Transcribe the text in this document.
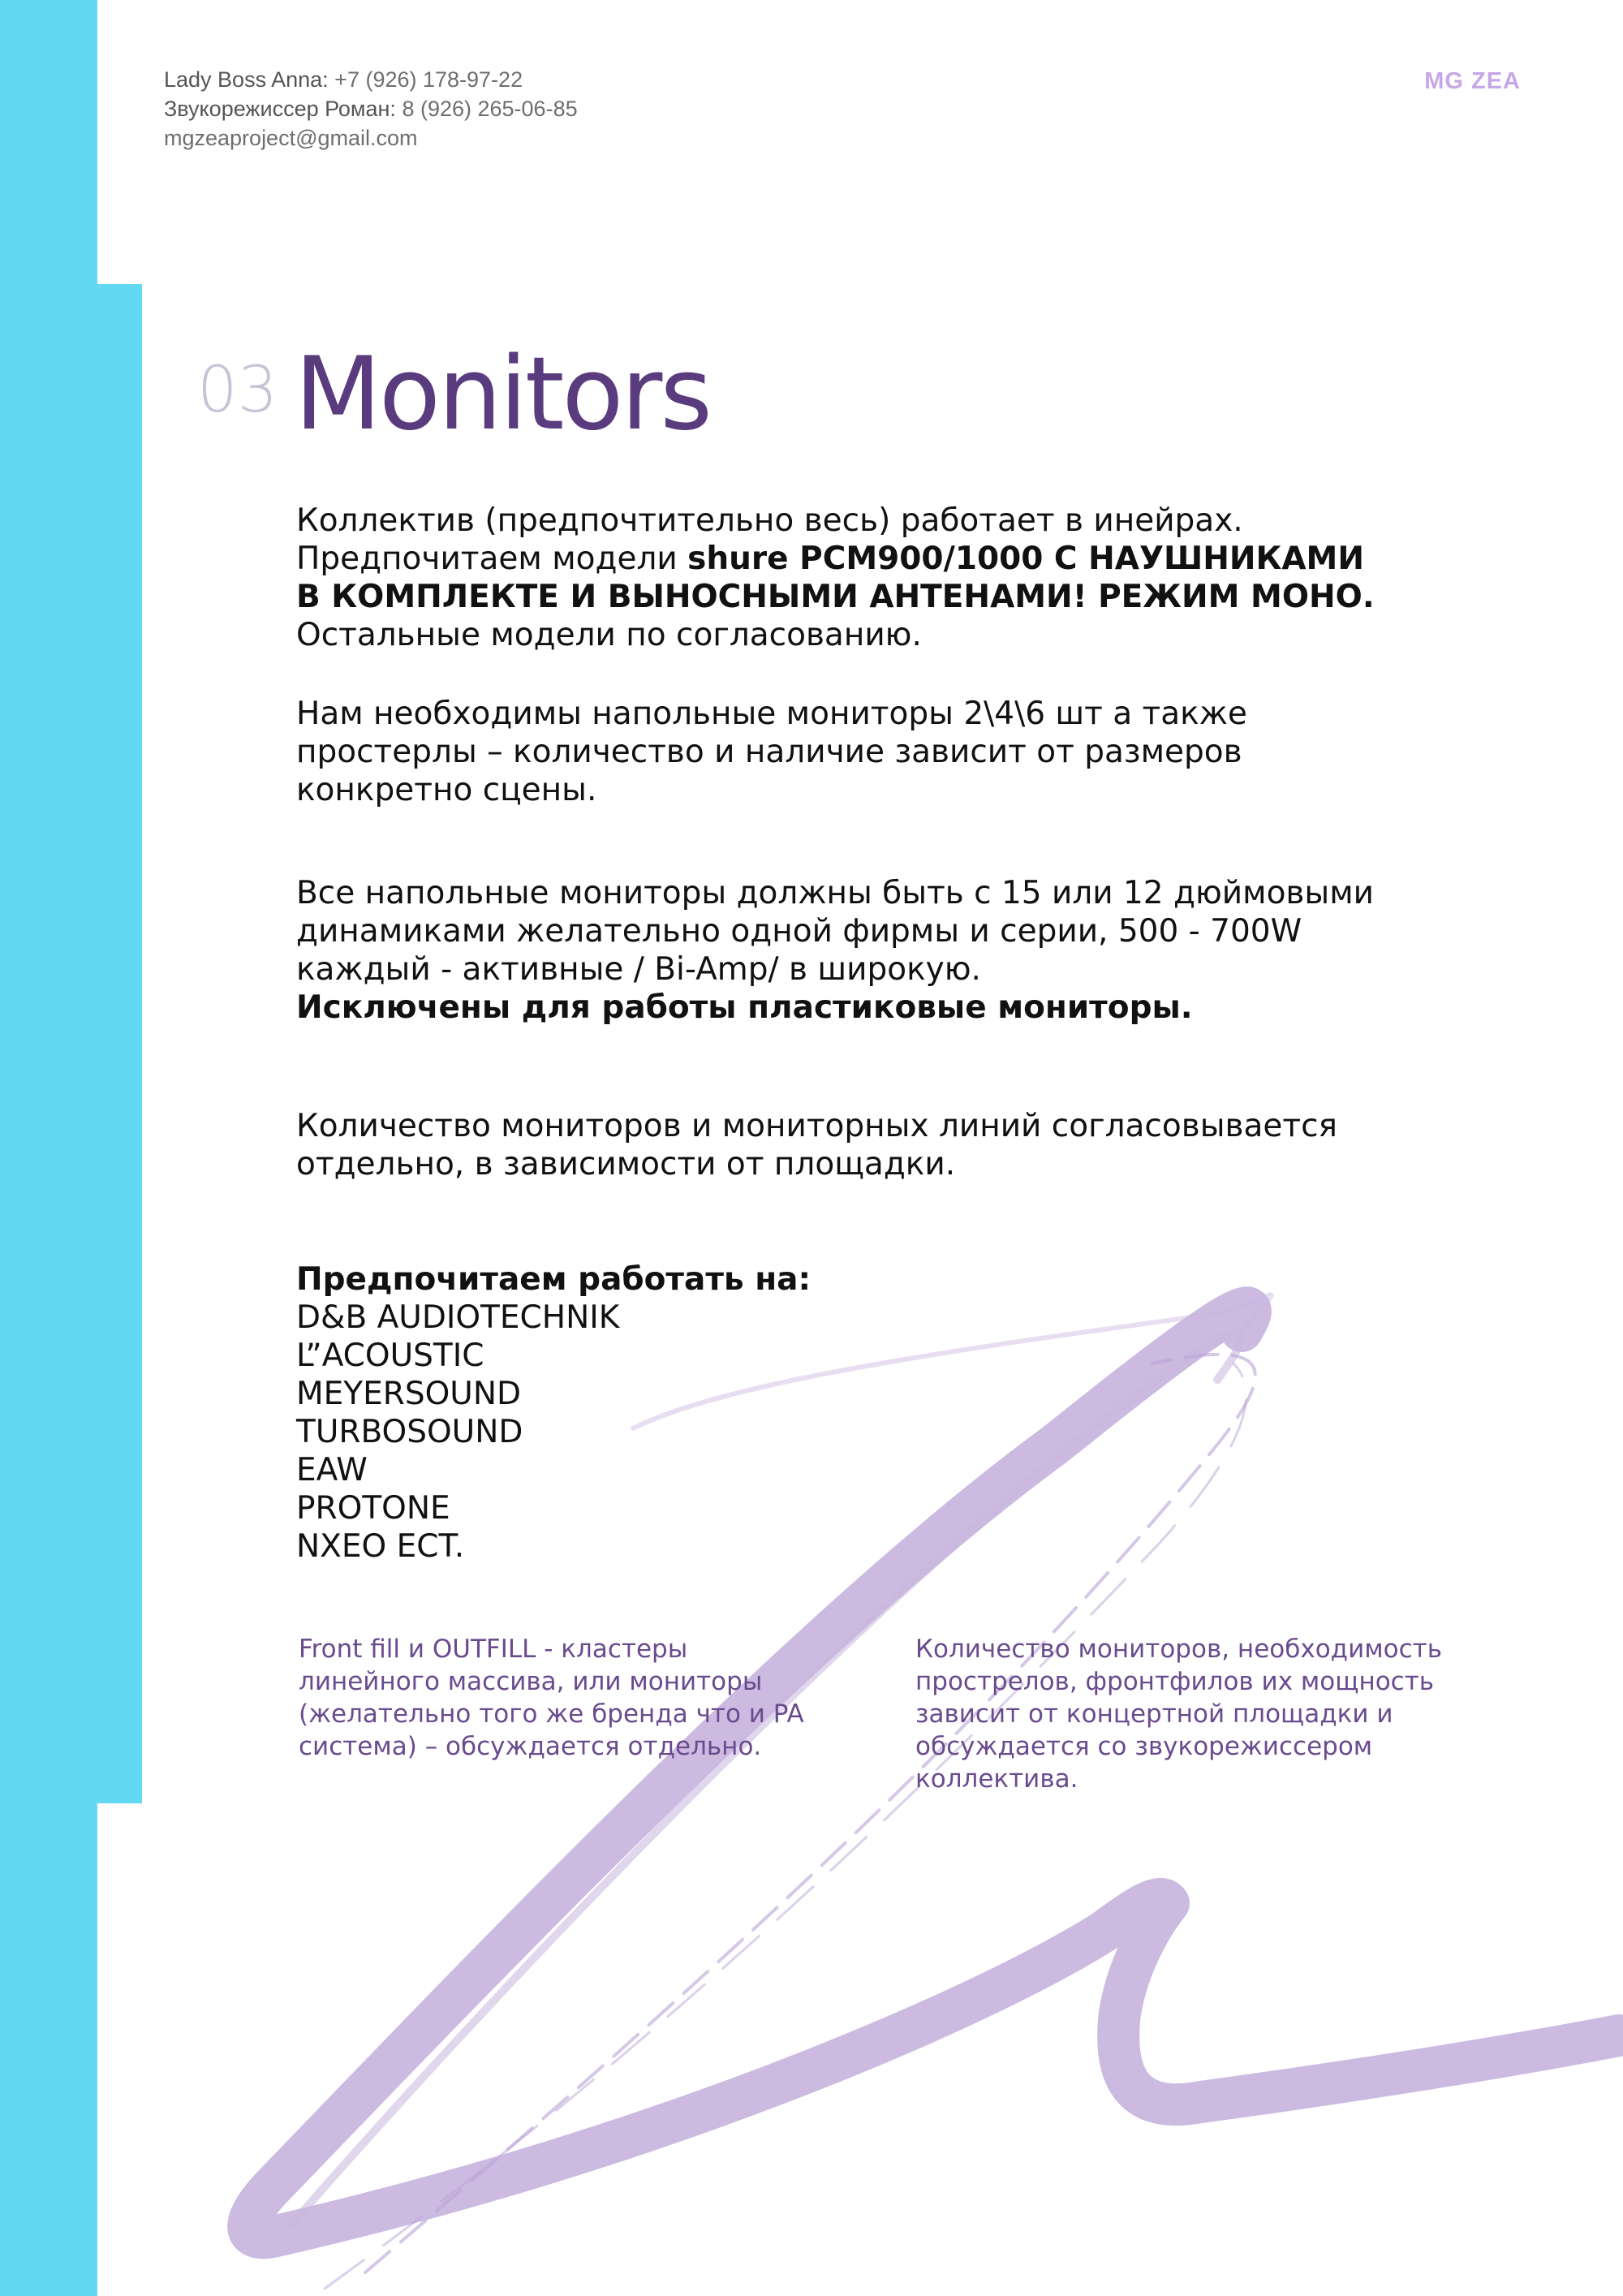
Lady Boss Anna: +7 (926) 178-97-22
Звукорежиссер Роман: 8 (926) 265-06-85
mgzeaproject@gmail.com
MG ZEA
03 Monitors

Коллектив (предпочтительно весь) работает в инейрах.

Предпочитаем модели shure PCM900/1000 С НАУШНИКАМИ

В КОМПЛЕКТЕ И ВЫНОСНЫМИ АНТЕНАМИ! РЕЖИМ МОНО.

Остальные модели по согласованию.

Нам необходимы напольные мониторы 2\4\6 шт а также

простерлы – количество и наличие зависит от размеров

конкретно сцены.

Все напольные мониторы должны быть с 15 или 12 дюймовыми

динамиками желательно одной фирмы и серии, 500 - 700W

каждый - активные / Bi-Amp/ в широкую.

Исключены для работы пластиковые мониторы.

Количество мониторов и мониторных линий согласовывается

отдельно, в зависимости от площадки.

Предпочитаем работать на:

D&B AUDIOTECHNIK
L”ACOUSTIC
MEYERSOUND
TURBOSOUND
EAW
PROTONE
NXEO ECT.
Front fill и OUTFILL - кластеры линейного массива, или мониторы (желательно того же бренда что и PA система) – обсуждается отдельно.
Количество мониторов, необходимость прострелов, фронтфилов их мощность зависит от концертной площадки и обсуждается со звукорежиссером коллектива.
